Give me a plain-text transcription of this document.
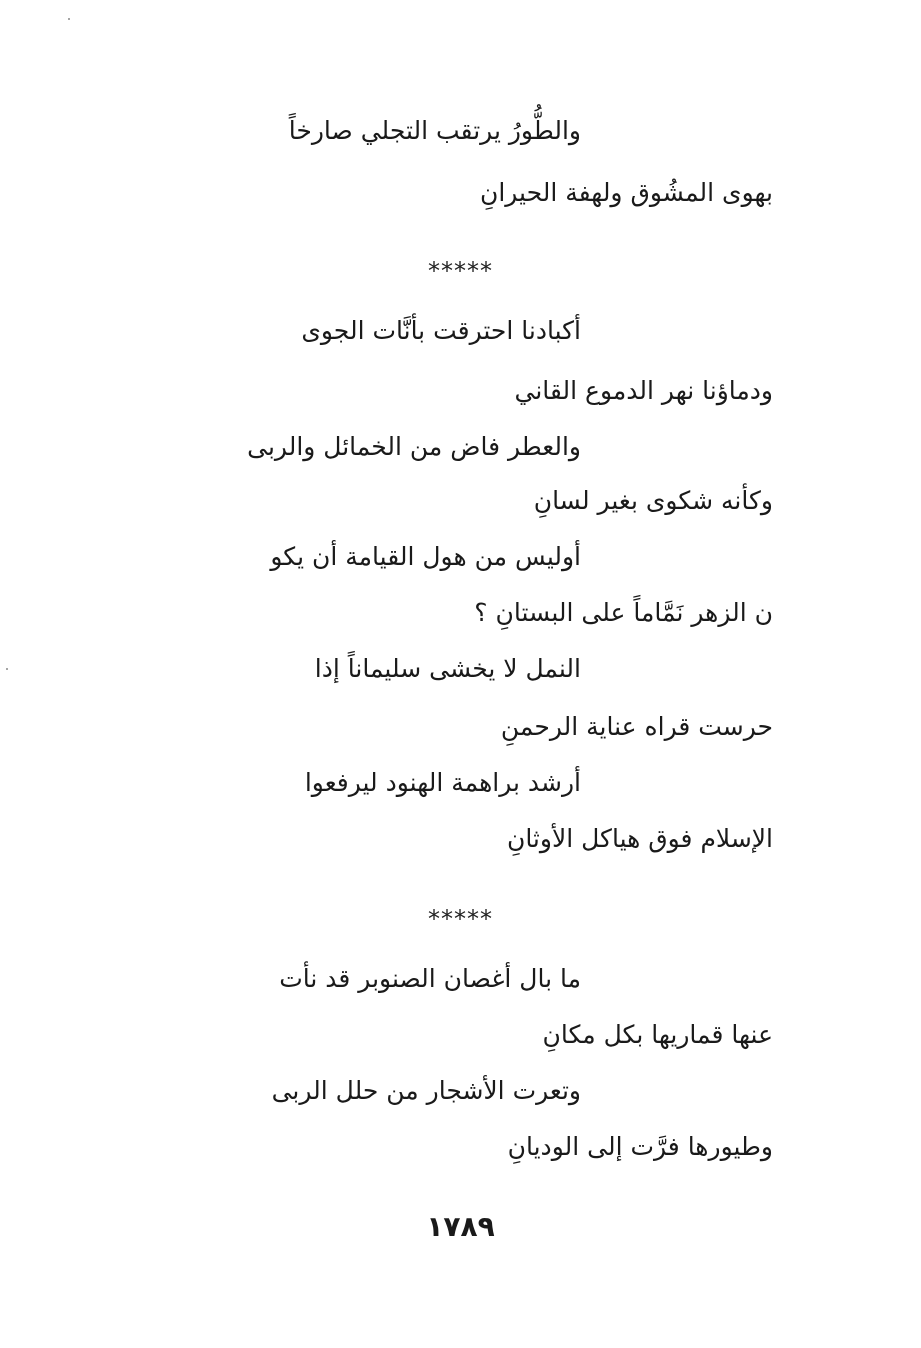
والطُّورُ يرتقب التجلي صارخاً
بهوى المشُوق ولهفة الحيرانِ
*****
أكبادنا احترقت بأنَّات الجوى
ودماؤنا نهر الدموع القاني
والعطر فاض من الخمائل والربى
وكأنه شكوى بغير لسانِ
أوليس من هول القيامة أن يكو
ن الزهر نَمَّاماً على البستانِ ؟
النمل لا يخشى سليماناً إذا
حرست قراه عناية الرحمنِ
أرشد براهمة الهنود ليرفعوا
الإسلام فوق هياكل الأوثانِ
*****
ما بال أغصان الصنوبر قد نأت
عنها قماريها بكل مكانِ
وتعرت الأشجار من حلل الربى
وطيورها فرَّت إلى الوديانِ
١٧٨٩
